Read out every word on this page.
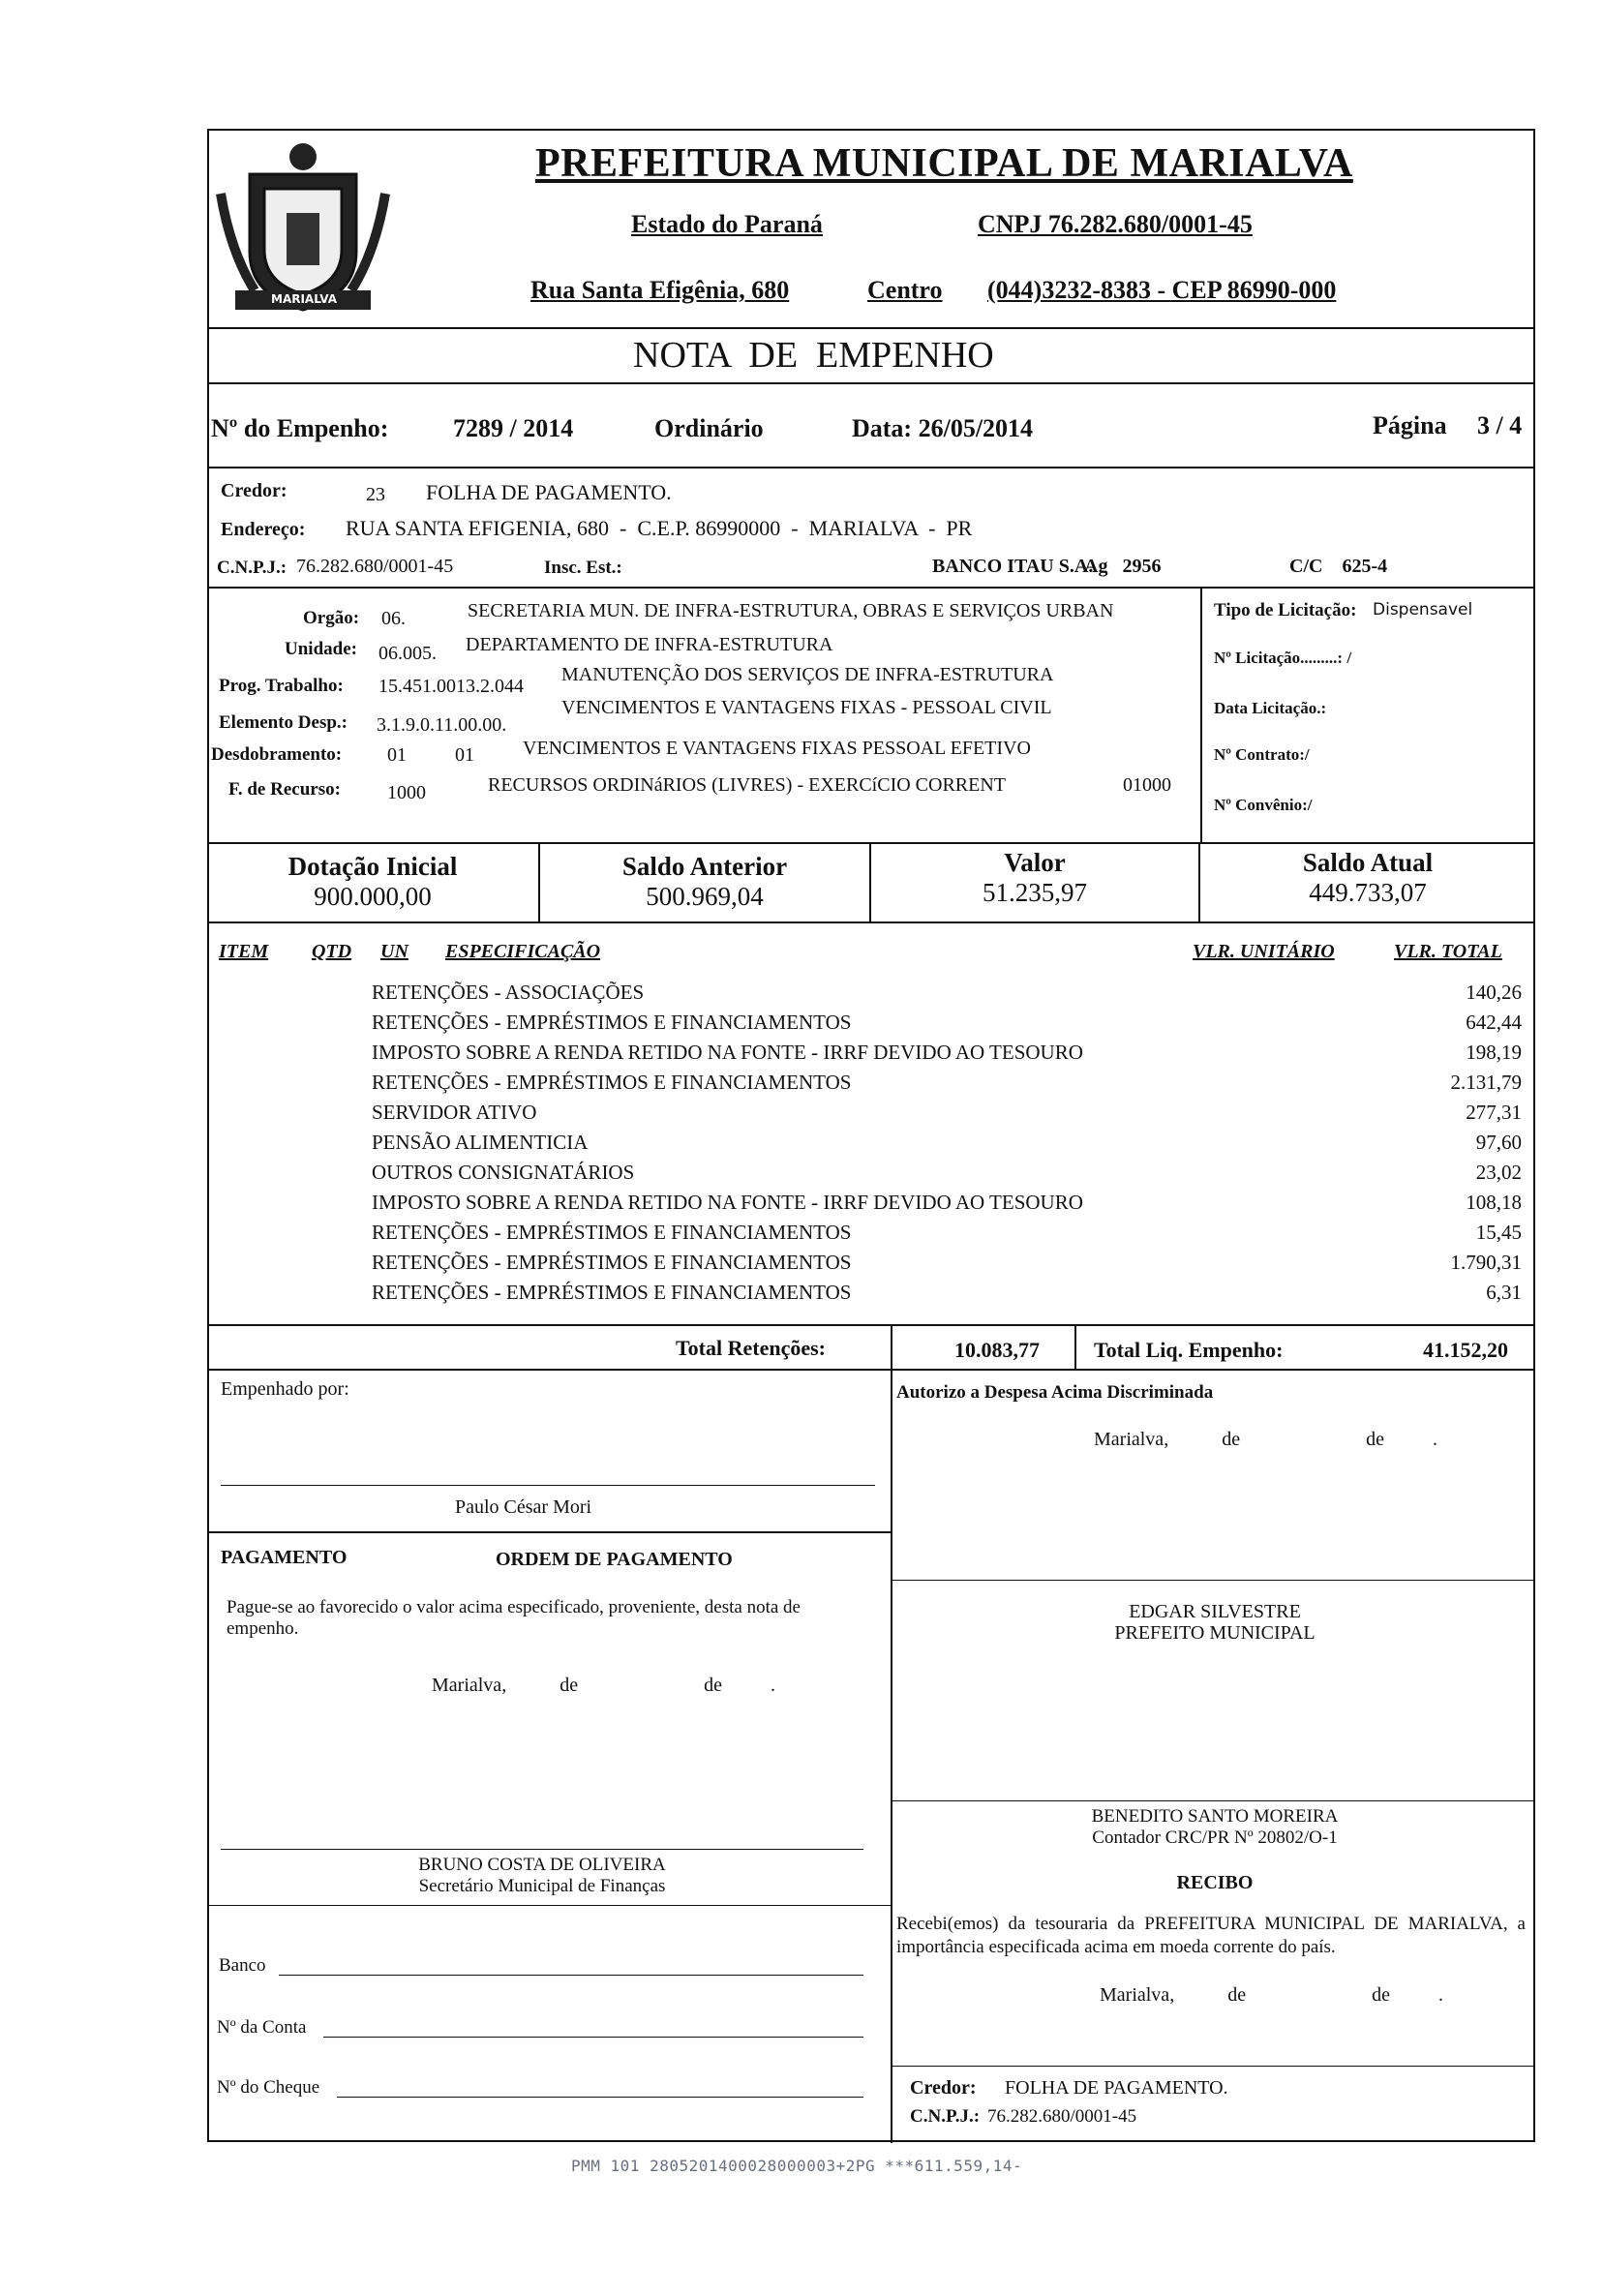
MARIALVA
PREFEITURA MUNICIPAL DE MARIALVA
Estado do Paraná	CNPJ 76.282.680/0001-45
Rua Santa Efigênia, 680	Centro (044)3232-8383 - CEP 86990-000
NOTA  DE  EMPENHO
Nº do Empenho:	7289 / 2014	Ordinário	Data: 26/05/2014	Página 3 / 4
Credor:	23 FOLHA DE PAGAMENTO.
Endereço: RUA SANTA EFIGENIA, 680  -  C.E.P. 86990000  -  MARIALVA  -  PR
C.N.P.J.: 76.282.680/0001-45	Insc. Est.:	BANCO ITAU S.A.
Ag   2956	C/C    625-4
Orgão: 06.	SECRETARIA MUN. DE INFRA-ESTRUTURA, OBRAS E SERVIÇOS URBAN
Unidade: 06.005. DEPARTAMENTO DE INFRA-ESTRUTURA
Prog. Trabalho: 15.451.0013.2.044
MANUTENÇÃO DOS SERVIÇOS DE INFRA-ESTRUTURA
Elemento Desp.: 3.1.9.0.11.00.00.
VENCIMENTOS E VANTAGENS FIXAS - PESSOAL CIVIL
Desdobramento: 01	01	VENCIMENTOS E VANTAGENS FIXAS PESSOAL EFETIVO
F. de Recurso: 1000	RECURSOS ORDINáRIOS (LIVRES) - EXERCíCIO CORRENT	01000
Tipo de Licitação: Dispensavel
Nº Licitação.........: /
Data Licitação.:
Nº Contrato:/
Nº Convênio:/
Dotação Inicial
900.000,00
Saldo Anterior
500.969,04
Valor
51.235,97
Saldo Atual
449.733,07
ITEM QTD UN ESPECIFICAÇÃO	VLR. UNITÁRIO	VLR. TOTAL
RETENÇÕES - ASSOCIAÇÕES	140,26
RETENÇÕES - EMPRÉSTIMOS E FINANCIAMENTOS	642,44
IMPOSTO SOBRE A RENDA RETIDO NA FONTE - IRRF DEVIDO AO TESOURO	198,19
RETENÇÕES - EMPRÉSTIMOS E FINANCIAMENTOS	2.131,79
SERVIDOR ATIVO	277,31
PENSÃO ALIMENTICIA	97,60
OUTROS CONSIGNATÁRIOS	23,02
IMPOSTO SOBRE A RENDA RETIDO NA FONTE - IRRF DEVIDO AO TESOURO	108,18
RETENÇÕES - EMPRÉSTIMOS E FINANCIAMENTOS	15,45
RETENÇÕES - EMPRÉSTIMOS E FINANCIAMENTOS	1.790,31
RETENÇÕES - EMPRÉSTIMOS E FINANCIAMENTOS	6,31
Total Retenções:	10.083,77	Total Liq. Empenho:	41.152,20
Empenhado por:
Paulo César Mori
Autorizo a Despesa Acima Discriminada
Marialva,           de                          de          .
PAGAMENTO	ORDEM DE PAGAMENTO
Pague-se ao favorecido o valor acima especificado, proveniente, desta nota de empenho.
Marialva,           de                          de          .
EDGAR SILVESTRE
PREFEITO MUNICIPAL
BRUNO COSTA DE OLIVEIRA
Secretário Municipal de Finanças
BENEDITO SANTO MOREIRA
Contador CRC/PR Nº 20802/O-1
RECIBO
Recebi(emos) da tesouraria da PREFEITURA MUNICIPAL DE MARIALVA, a importância especificada acima em moeda corrente do país.
Marialva,           de                          de          .
Banco
Nº da Conta
Nº do Cheque	Credor: FOLHA DE PAGAMENTO.
C.N.P.J.: 76.282.680/0001-45
PMM 101 2805201400028000003+2PG ***611.559,14-
